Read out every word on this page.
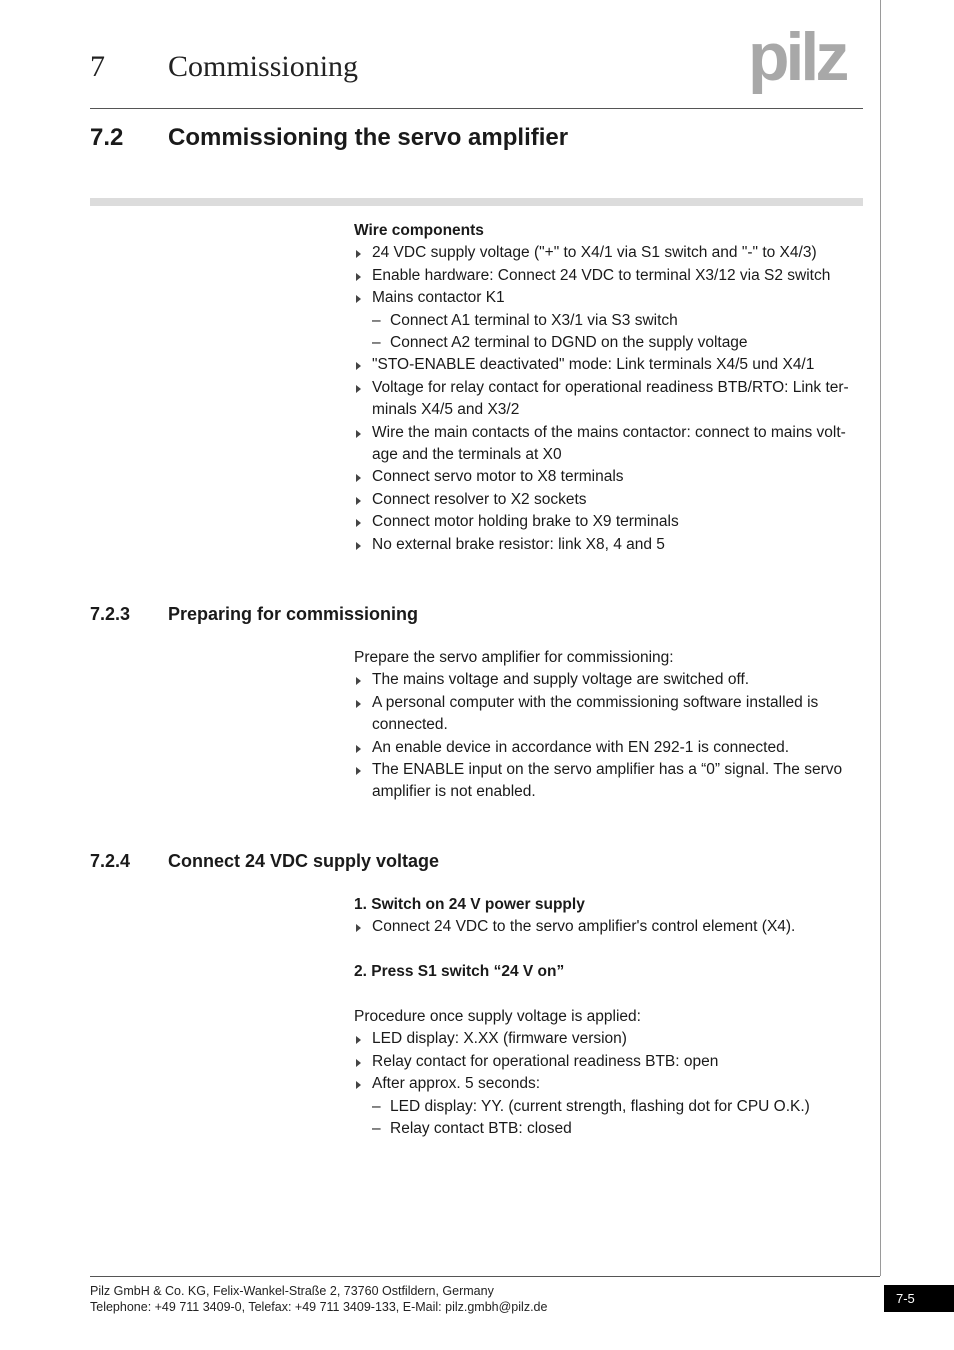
7 Commissioning	pilz
7.2 Commissioning the servo amplifier

Wire components

24 VDC supply voltage ("+" to X4/1 via S1 switch and "-" to X4/3)
Enable hardware: Connect 24 VDC to terminal X3/12 via S2 switch
Mains contactor K1
– Connect A1 terminal to X3/1 via S3 switch
– Connect A2 terminal to DGND on the supply voltage
"STO-ENABLE deactivated" mode: Link terminals X4/5 und X4/1
Voltage for relay contact for operational readiness BTB/RTO: Link ter-minals X4/5 and X3/2
Wire the main contacts of the mains contactor: connect to mains volt-age and the terminals at X0
Connect servo motor to X8 terminals
Connect resolver to X2 sockets
Connect motor holding brake to X9 terminals
No external brake resistor: link X8, 4 and 5
7.2.3 Preparing for commissioning

Prepare the servo amplifier for commissioning:

The mains voltage and supply voltage are switched off.
A personal computer with the commissioning software installed is connected.
An enable device in accordance with EN 292-1 is connected.
The ENABLE input on the servo amplifier has a “0” signal. The servo amplifier is not enabled.
7.2.4 Connect 24 VDC supply voltage

1. Switch on 24 V power supply

Connect 24 VDC to the servo amplifier's control element (X4).

2. Press S1 switch “24 V on”

Procedure once supply voltage is applied:

LED display: X.XX (firmware version)
Relay contact for operational readiness BTB: open
After approx. 5 seconds:
– LED display: YY. (current strength, flashing dot for CPU O.K.)
– Relay contact BTB: closed
Pilz GmbH & Co. KG, Felix-Wankel-Straße 2, 73760 Ostfildern, Germany
Telephone: +49 711 3409-0, Telefax: +49 711 3409-133, E-Mail: pilz.gmbh@pilz.de
7-5
